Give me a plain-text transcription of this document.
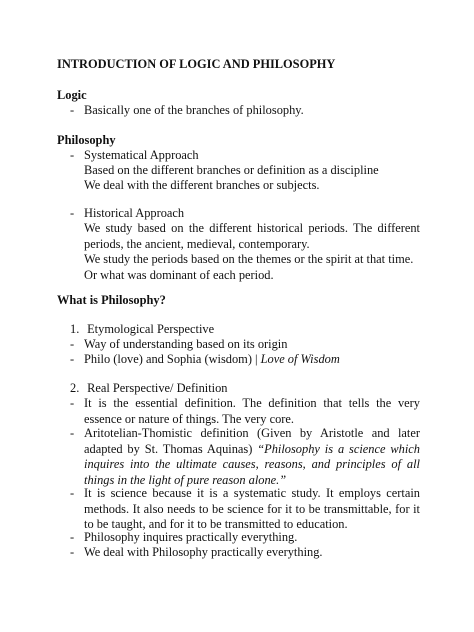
INTRODUCTION OF LOGIC AND PHILOSOPHY
Logic
- Basically one of the branches of philosophy.
Philosophy
- Systematical Approach
Based on the different branches or definition as a discipline
We deal with the different branches or subjects.
- Historical Approach
We study based on the different historical periods. The different
periods, the ancient, medieval, contemporary.
We study the periods based on the themes or the spirit at that time.
Or what was dominant of each period.
What is Philosophy?
1. Etymological Perspective
- Way of understanding based on its origin
- Philo (love) and Sophia (wisdom) | Love of Wisdom
2. Real Perspective/ Definition
- It is the essential definition. The definition that tells the very
essence or nature of things. The very core.
- Aritotelian-Thomistic definition (Given by Aristotle and later
adapted by St. Thomas Aquinas) “Philosophy is a science which
inquires into the ultimate causes, reasons, and principles of all
things in the light of pure reason alone.”
- It is science because it is a systematic study. It employs certain
methods. It also needs to be science for it to be transmittable, for it
to be taught, and for it to be transmitted to education.
- Philosophy inquires practically everything.
- We deal with Philosophy practically everything.
